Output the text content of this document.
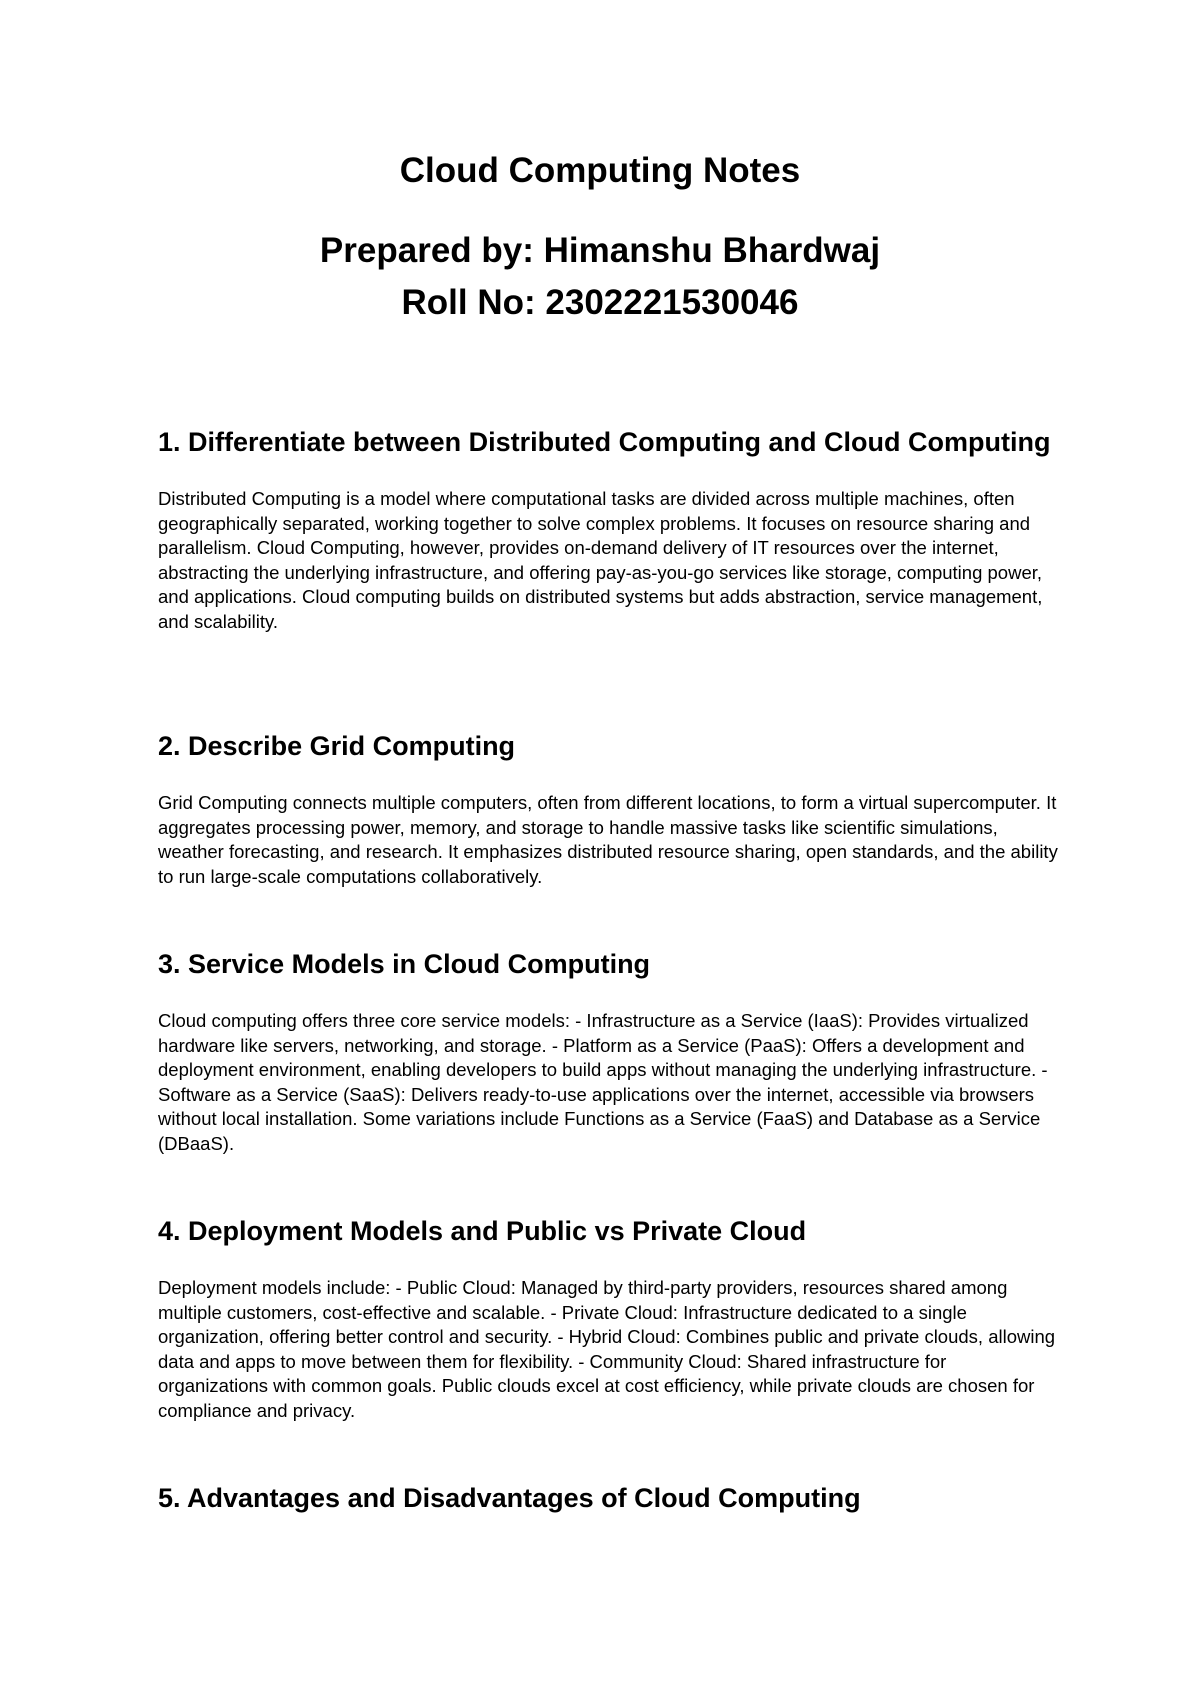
Cloud Computing Notes
Prepared by: Himanshu Bhardwaj
Roll No: 2302221530046
1. Differentiate between Distributed Computing and Cloud Computing

Distributed Computing is a model where computational tasks are divided across multiple machines, often geographically separated, working together to solve complex problems. It focuses on resource sharing and parallelism. Cloud Computing, however, provides on-demand delivery of IT resources over the internet, abstracting the underlying infrastructure, and offering pay-as-you-go services like storage, computing power, and applications. Cloud computing builds on distributed systems but adds abstraction, service management, and scalability.

2. Describe Grid Computing

Grid Computing connects multiple computers, often from different locations, to form a virtual supercomputer. It aggregates processing power, memory, and storage to handle massive tasks like scientific simulations, weather forecasting, and research. It emphasizes distributed resource sharing, open standards, and the ability to run large-scale computations collaboratively.

3. Service Models in Cloud Computing

Cloud computing offers three core service models: - Infrastructure as a Service (IaaS): Provides virtualized hardware like servers, networking, and storage. - Platform as a Service (PaaS): Offers a development and deployment environment, enabling developers to build apps without managing the underlying infrastructure. - Software as a Service (SaaS): Delivers ready-to-use applications over the internet, accessible via browsers without local installation. Some variations include Functions as a Service (FaaS) and Database as a Service (DBaaS).

4. Deployment Models and Public vs Private Cloud

Deployment models include: - Public Cloud: Managed by third-party providers, resources shared among multiple customers, cost-effective and scalable. - Private Cloud: Infrastructure dedicated to a single organization, offering better control and security. - Hybrid Cloud: Combines public and private clouds, allowing data and apps to move between them for flexibility. - Community Cloud: Shared infrastructure for organizations with common goals. Public clouds excel at cost efficiency, while private clouds are chosen for compliance and privacy.

5. Advantages and Disadvantages of Cloud Computing
